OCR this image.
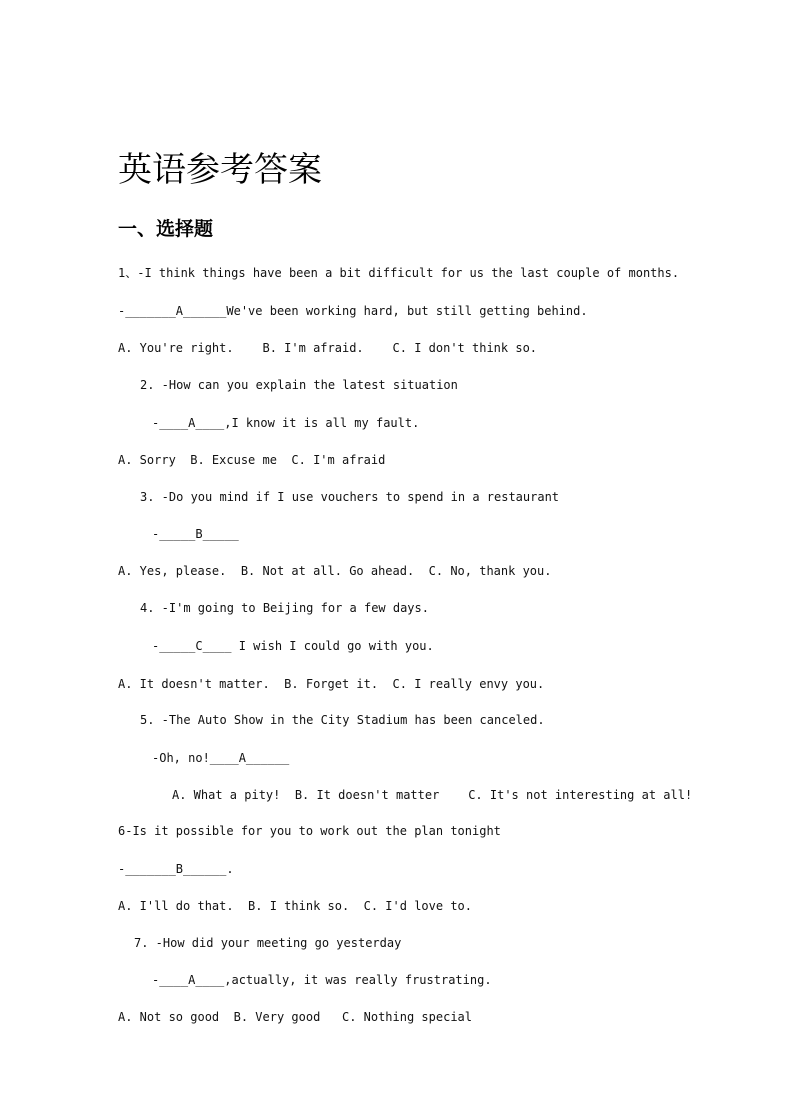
英语参考答案
一、选择题
1、-I think things have been a bit difficult for us the last couple of months.
-_______A______We've been working hard, but still getting behind.
A. You're right.    B. I'm afraid.    C. I don't think so.
2. -How can you explain the latest situation
-____A____,I know it is all my fault.
A. Sorry  B. Excuse me  C. I'm afraid
3. -Do you mind if I use vouchers to spend in a restaurant
-_____B_____
A. Yes, please.  B. Not at all. Go ahead.  C. No, thank you.
4. -I'm going to Beijing for a few days.
-_____C____ I wish I could go with you.
A. It doesn't matter.  B. Forget it.  C. I really envy you.
5. -The Auto Show in the City Stadium has been canceled.
-Oh, no!____A______
A. What a pity!  B. It doesn't matter    C. It's not interesting at all!
6-Is it possible for you to work out the plan tonight
-_______B______.
A. I'll do that.  B. I think so.  C. I'd love to.
7. -How did your meeting go yesterday
-____A____,actually, it was really frustrating.
A. Not so good  B. Very good   C. Nothing special
